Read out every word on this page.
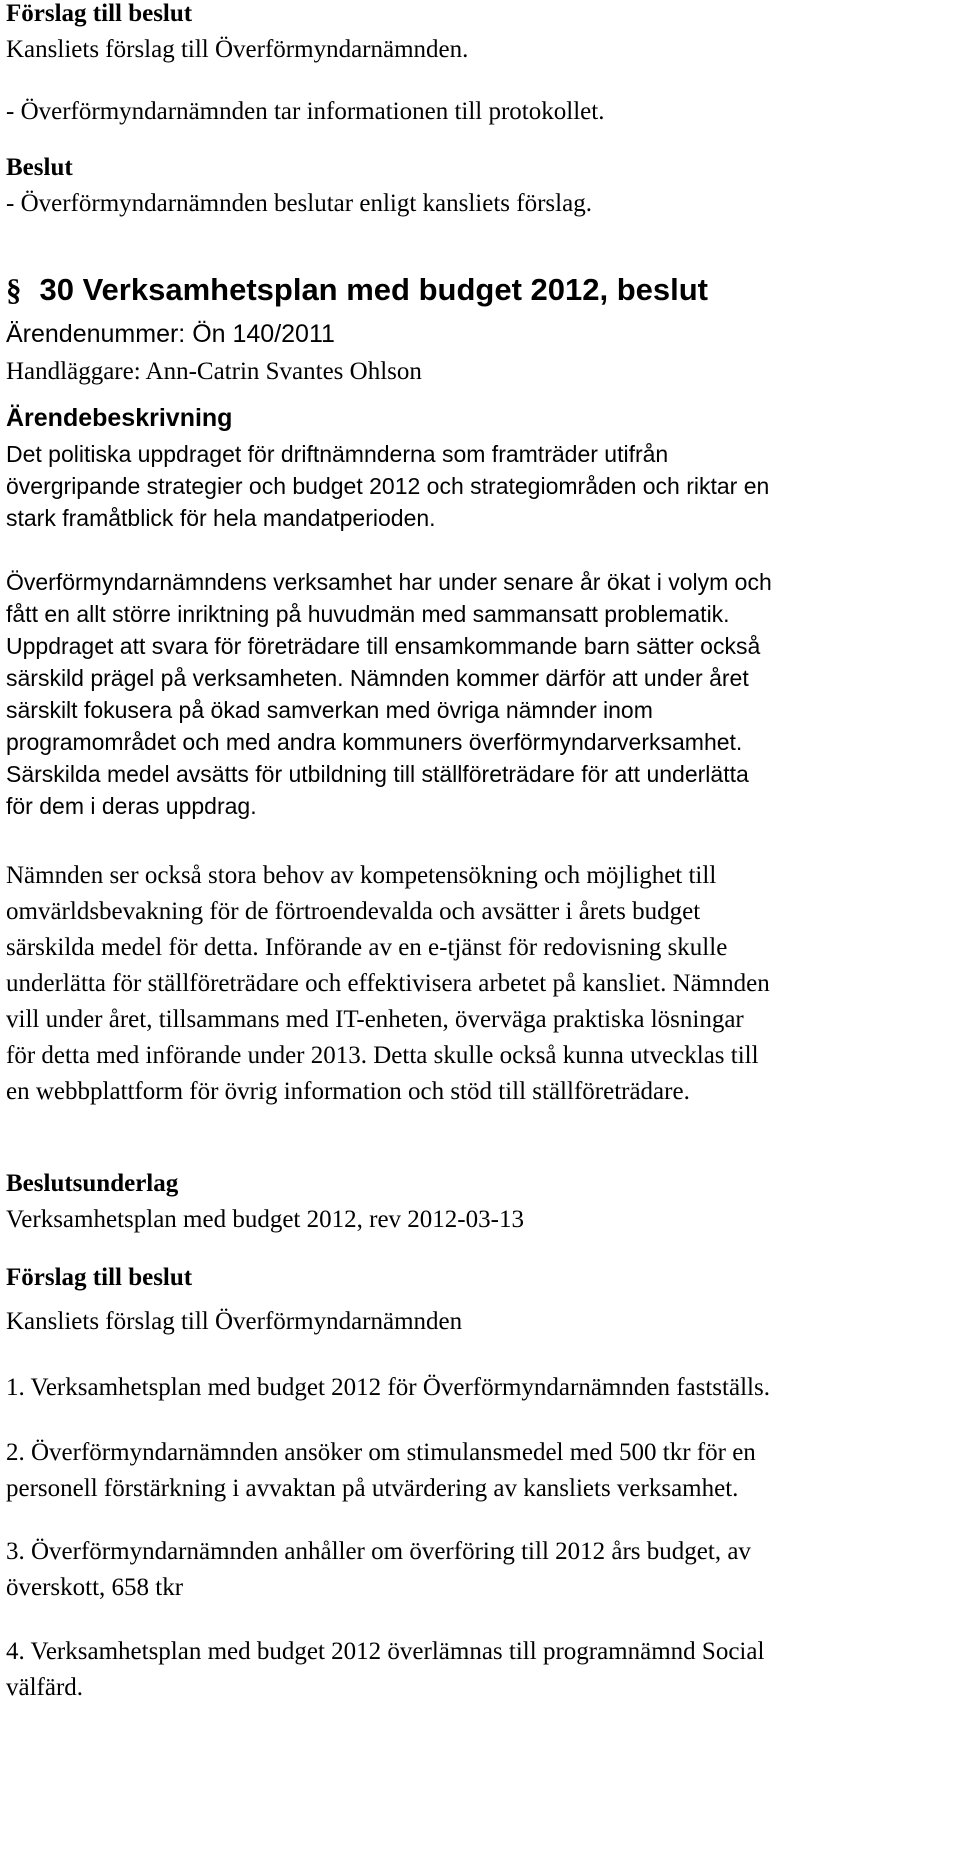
Förslag till beslut
Kansliets förslag till Överförmyndarnämnden.
- Överförmyndarnämnden tar informationen till protokollet.
Beslut
- Överförmyndarnämnden beslutar enligt kansliets förslag.
§ 30 Verksamhetsplan med budget 2012, beslut
Ärendenummer: Ön 140/2011
Handläggare: Ann-Catrin Svantes Ohlson
Ärendebeskrivning
Det politiska uppdraget för driftnämnderna som framträder utifrån
övergripande strategier och budget 2012 och strategiområden och riktar en
stark framåtblick för hela mandatperioden.
Överförmyndarnämndens verksamhet har under senare år ökat i volym och
fått en allt större inriktning på huvudmän med sammansatt problematik.
Uppdraget att svara för företrädare till ensamkommande barn sätter också
särskild prägel på verksamheten. Nämnden kommer därför att under året
särskilt fokusera på ökad samverkan med övriga nämnder inom
programområdet och med andra kommuners överförmyndarverksamhet.
Särskilda medel avsätts för utbildning till ställföreträdare för att underlätta
för dem i deras uppdrag.
Nämnden ser också stora behov av kompetensökning och möjlighet till
omvärldsbevakning för de förtroendevalda och avsätter i årets budget
särskilda medel för detta. Införande av en e-tjänst för redovisning skulle
underlätta för ställföreträdare och effektivisera arbetet på kansliet. Nämnden
vill under året, tillsammans med IT-enheten, överväga praktiska lösningar
för detta med införande under 2013. Detta skulle också kunna utvecklas till
en webbplattform för övrig information och stöd till ställföreträdare.
Beslutsunderlag
Verksamhetsplan med budget 2012, rev 2012-03-13
Förslag till beslut
Kansliets förslag till Överförmyndarnämnden
1. Verksamhetsplan med budget 2012 för Överförmyndarnämnden fastställs.
2. Överförmyndarnämnden ansöker om stimulansmedel med 500 tkr för en
personell förstärkning i avvaktan på utvärdering av kansliets verksamhet.
3. Överförmyndarnämnden anhåller om överföring till 2012 års budget, av
överskott, 658 tkr
4. Verksamhetsplan med budget 2012 överlämnas till programnämnd Social
välfärd.
